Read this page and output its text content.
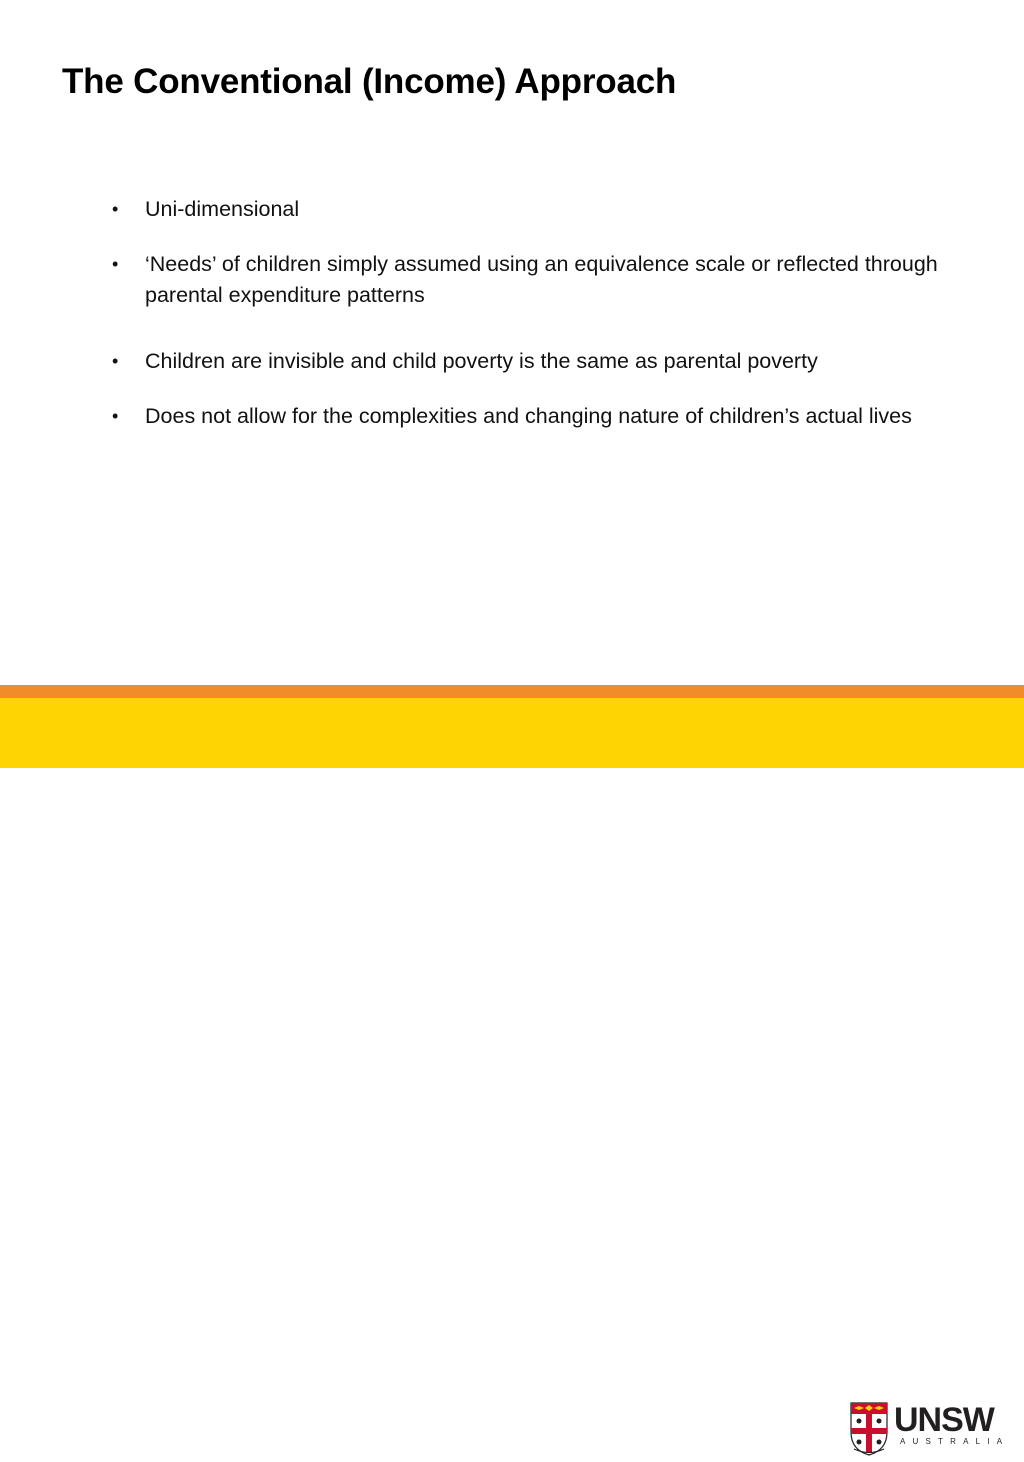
The Conventional (Income) Approach
• Uni-dimensional
• ‘Needs’ of children simply assumed using an equivalence scale or reflected through parental expenditure patterns
• Children are invisible and child poverty is the same as parental poverty
• Does not allow for the complexities and changing nature of children’s actual lives
UNSW
AUSTRALIA
